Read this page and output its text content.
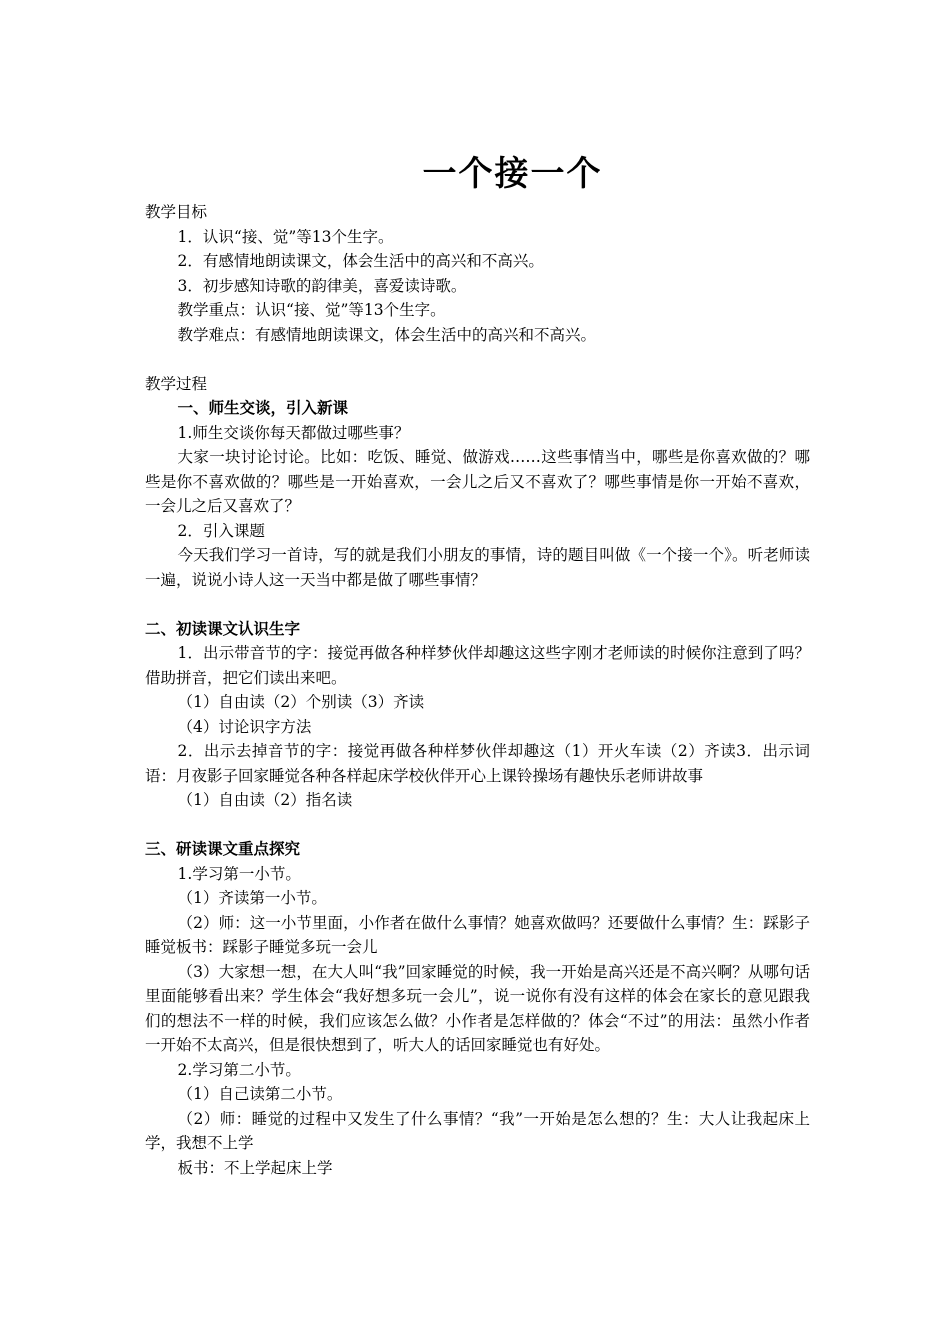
一个接一个

教学目标

1．认识“接、觉”等13个生字。

2．有感情地朗读课文，体会生活中的高兴和不高兴。

3．初步感知诗歌的韵律美，喜爱读诗歌。

教学重点：认识“接、觉”等13个生字。

教学难点：有感情地朗读课文，体会生活中的高兴和不高兴。

教学过程

一、师生交谈，引入新课

1.师生交谈你每天都做过哪些事？

大家一块讨论讨论。比如：吃饭、睡觉、做游戏……这些事情当中，哪些是你喜欢做的？哪些是你不喜欢做的？哪些是一开始喜欢，一会儿之后又不喜欢了？哪些事情是你一开始不喜欢，一会儿之后又喜欢了？

2．引入课题

今天我们学习一首诗，写的就是我们小朋友的事情，诗的题目叫做《一个接一个》。听老师读一遍，说说小诗人这一天当中都是做了哪些事情？

二、初读课文认识生字

1．出示带音节的字：接觉再做各种样梦伙伴却趣这这些字刚才老师读的时候你注意到了吗？借助拼音，把它们读出来吧。

（1）自由读（2）个别读（3）齐读

（4）讨论识字方法

2．出示去掉音节的字：接觉再做各种样梦伙伴却趣这（1）开火车读（2）齐读3．出示词语：月夜影子回家睡觉各种各样起床学校伙伴开心上课铃操场有趣快乐老师讲故事

（1）自由读（2）指名读

三、研读课文重点探究

1.学习第一小节。

（1）齐读第一小节。

（2）师：这一小节里面，小作者在做什么事情？她喜欢做吗？还要做什么事情？生：踩影子睡觉板书：踩影子睡觉多玩一会儿

（3）大家想一想，在大人叫“我”回家睡觉的时候，我一开始是高兴还是不高兴啊？从哪句话里面能够看出来？学生体会“我好想多玩一会儿”，说一说你有没有这样的体会在家长的意见跟我们的想法不一样的时候，我们应该怎么做？小作者是怎样做的？体会“不过”的用法：虽然小作者一开始不太高兴，但是很快想到了，听大人的话回家睡觉也有好处。

2.学习第二小节。

（1）自己读第二小节。

（2）师：睡觉的过程中又发生了什么事情？“我”一开始是怎么想的？生：大人让我起床上学，我想不上学

板书：不上学起床上学
